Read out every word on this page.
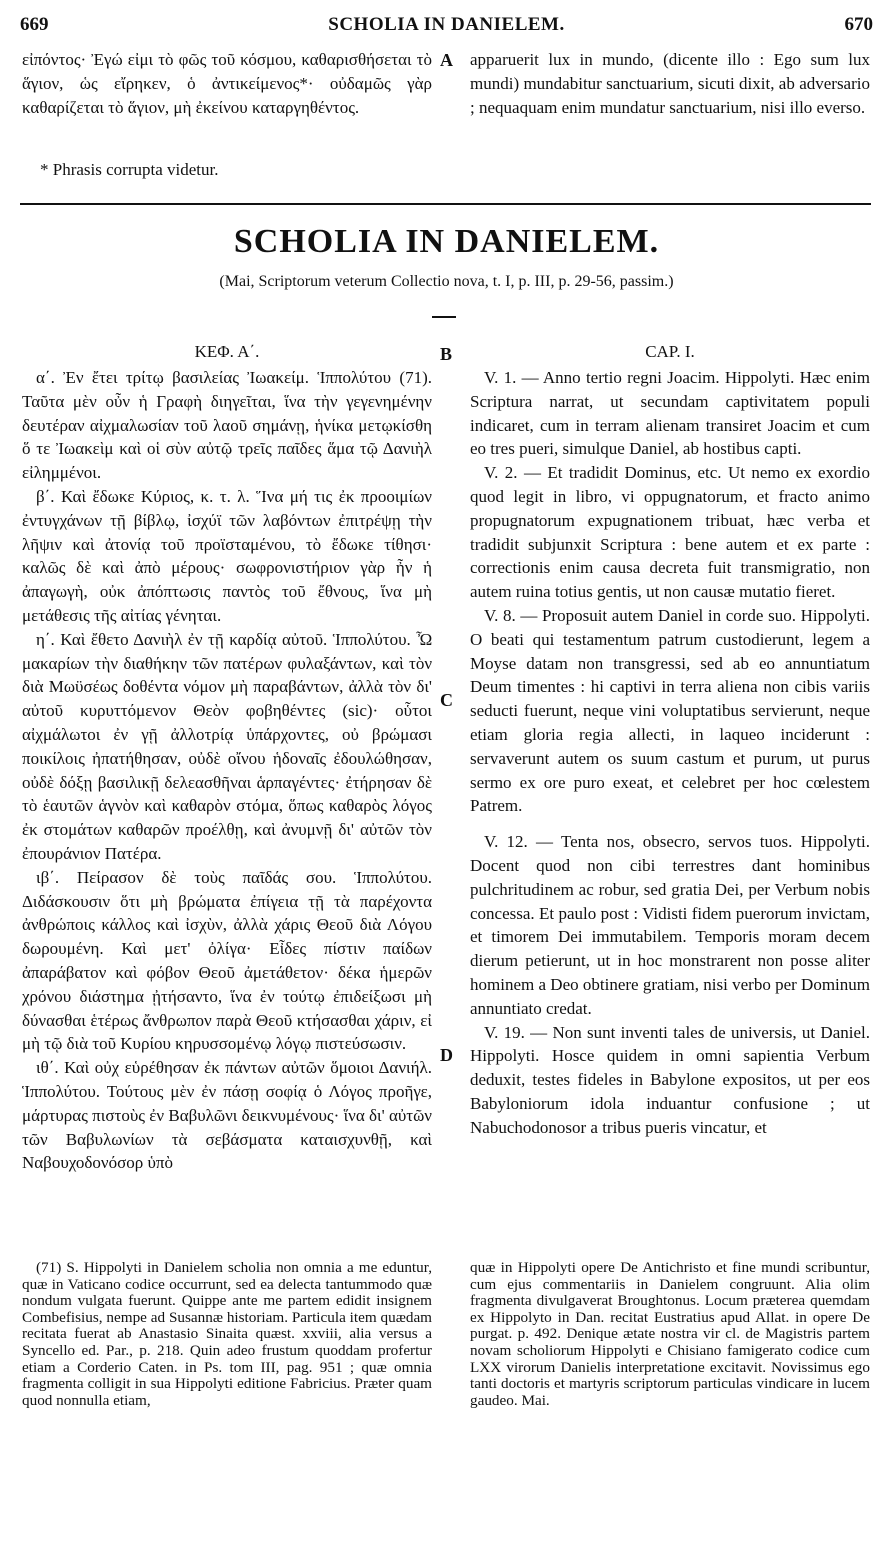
669	SCHOLIA IN DANIELEM.	670

εἰπόντος· Ἐγώ εἰμι τὸ φῶς τοῦ κόσμου, καθαρισθήσεται τὸ ἅγιον, ὡς εἴρηκεν, ὁ ἀντικείμενος*· οὐδαμῶς γὰρ καθαρίζεται τὸ ἅγιον, μὴ ἐκείνου καταργηθέντος.

apparuerit lux in mundo, (dicente illo : Ego sum lux mundi) mundabitur sanctuarium, sicuti dixit, ab adversario ; nequaquam enim mundatur sanctuarium, nisi illo everso.

A
* Phrasis corrupta videtur.
SCHOLIA IN DANIELEM.
(Mai, Scriptorum veterum Collectio nova, t. I, p. III, p. 29-56, passim.)
ΚΕΦ. Α΄.	CAP. I.
B
C
D

α΄. Ἐν ἔτει τρίτῳ βασιλείας Ἰωακείμ. Ἱππολύτου (71). Ταῦτα μὲν οὖν ἡ Γραφὴ διηγεῖται, ἵνα τὴν γεγενημένην δευτέραν αἰχμαλωσίαν τοῦ λαοῦ σημάνῃ, ἡνίκα μετῳκίσθη ὅ τε Ἰωακεὶμ καὶ οἱ σὺν αὐτῷ τρεῖς παῖδες ἅμα τῷ Δανιὴλ εἰλημμένοι.

β΄. Καὶ ἔδωκε Κύριος, κ. τ. λ. Ἵνα μή τις ἐκ προοιμίων ἐντυγχάνων τῇ βίβλῳ, ἰσχύϊ τῶν λαβόντων ἐπιτρέψῃ τὴν λῆψιν καὶ ἀτονίᾳ τοῦ προϊσταμένου, τὸ ἔδωκε τίθησι· καλῶς δὲ καὶ ἀπὸ μέρους· σωφρονιστήριον γὰρ ἦν ἡ ἀπαγωγὴ, οὐκ ἀπόπτωσις παντὸς τοῦ ἔθνους, ἵνα μὴ μετάθεσις τῆς αἰτίας γένηται.

η΄. Καὶ ἔθετο Δανιὴλ ἐν τῇ καρδίᾳ αὐτοῦ. Ἱππολύτου. Ὦ μακαρίων τὴν διαθήκην τῶν πατέρων φυλαξάντων, καὶ τὸν διὰ Μωϋσέως δοθέντα νόμον μὴ παραβάντων, ἀλλὰ τὸν δι' αὐτοῦ κυρυττόμενον Θεὸν φοβηθέντες (sic)· οὗτοι αἰχμάλωτοι ἐν γῇ ἀλλοτρίᾳ ὑπάρχοντες, οὐ βρώμασι ποικίλοις ἠπατήθησαν, οὐδὲ οἴνου ἡδοναῖς ἐδουλώθησαν, οὐδὲ δόξῃ βασιλικῇ δελεασθῆναι ἁρπαγέντες· ἐτήρησαν δὲ τὸ ἑαυτῶν ἁγνὸν καὶ καθαρὸν στόμα, ὅπως καθαρὸς λόγος ἐκ στομάτων καθαρῶν προέλθῃ, καὶ ἀνυμνῇ δι' αὐτῶν τὸν ἐπουράνιον Πατέρα.

ιβ΄. Πείρασον δὲ τοὺς παῖδάς σου. Ἱππολύτου. Διδάσκουσιν ὅτι μὴ βρώματα ἐπίγεια τῇ τὰ παρέχοντα ἀνθρώποις κάλλος καὶ ἰσχὺν, ἀλλὰ χάρις Θεοῦ διὰ Λόγου δωρουμένη. Καὶ μετ' ὀλίγα· Εἶδες πίστιν παίδων ἀπαράβατον καὶ φόβον Θεοῦ ἀμετάθετον· δέκα ἡμερῶν χρόνου διάστημα ᾐτήσαντο, ἵνα ἐν τούτῳ ἐπιδείξωσι μὴ δύνασθαι ἑτέρως ἄνθρωπον παρὰ Θεοῦ κτήσασθαι χάριν, εἰ μὴ τῷ διὰ τοῦ Κυρίου κηρυσσομένῳ λόγῳ πιστεύσωσιν.

ιθ΄. Καὶ οὐχ εὑρέθησαν ἐκ πάντων αὐτῶν ὅμοιοι Δανιήλ. Ἱππολύτου. Τούτους μὲν ἐν πάσῃ σοφίᾳ ὁ Λόγος προῆγε, μάρτυρας πιστοὺς ἐν Βαβυλῶνι δεικνυμένους· ἵνα δι' αὐτῶν τῶν Βαβυλωνίων τὰ σεβάσματα καταισχυνθῇ, καὶ Ναβουχοδονόσορ ὑπὸ

V. 1. — Anno tertio regni Joacim. Hippolyti. Hæc enim Scriptura narrat, ut secundam captivitatem populi indicaret, cum in terram alienam transiret Joacim et cum eo tres pueri, simulque Daniel, ab hostibus capti.

V. 2. — Et tradidit Dominus, etc. Ut nemo ex exordio quod legit in libro, vi oppugnatorum, et fracto animo propugnatorum expugnationem tribuat, hæc verba et tradidit subjunxit Scriptura : bene autem et ex parte : correctionis enim causa decreta fuit transmigratio, non autem ruina totius gentis, ut non causæ mutatio fieret.

V. 8. — Proposuit autem Daniel in corde suo. Hippolyti. O beati qui testamentum patrum custodierunt, legem a Moyse datam non transgressi, sed ab eo annuntiatum Deum timentes : hi captivi in terra aliena non cibis variis seducti fuerunt, neque vini voluptatibus servierunt, neque etiam gloria regia allecti, in laqueo inciderunt : servaverunt autem os suum castum et purum, ut purus sermo ex ore puro exeat, et celebret per hoc cœlestem Patrem.

V. 12. — Tenta nos, obsecro, servos tuos. Hippolyti. Docent quod non cibi terrestres dant hominibus pulchritudinem ac robur, sed gratia Dei, per Verbum nobis concessa. Et paulo post : Vidisti fidem puerorum invictam, et timorem Dei immutabilem. Temporis moram decem dierum petierunt, ut in hoc monstrarent non posse aliter hominem a Deo obtinere gratiam, nisi verbo per Dominum annuntiato credat.

V. 19. — Non sunt inventi tales de universis, ut Daniel. Hippolyti. Hosce quidem in omni sapientia Verbum deduxit, testes fideles in Babylone expositos, ut per eos Babyloniorum idola induantur confusione ; ut Nabuchodonosor a tribus pueris vincatur, et

(71) S. Hippolyti in Danielem scholia non omnia a me eduntur, quæ in Vaticano codice occurrunt, sed ea delecta tantummodo quæ nondum vulgata fuerunt. Quippe ante me partem edidit insignem Combefisius, nempe ad Susannæ historiam. Particula item quædam recitata fuerat ab Anastasio Sinaita quæst. xxviii, alia versus a Syncello ed. Par., p. 218. Quin adeo frustum quoddam profertur etiam a Corderio Caten. in Ps. tom III, pag. 951 ; quæ omnia fragmenta colligit in sua Hippolyti editione Fabricius. Præter quam quod nonnulla etiam,

quæ in Hippolyti opere De Antichristo et fine mundi scribuntur, cum ejus commentariis in Danielem congruunt. Alia olim fragmenta divulgaverat Broughtonus. Locum præterea quemdam ex Hippolyto in Dan. recitat Eustratius apud Allat. in opere De purgat. p. 492. Denique ætate nostra vir cl. de Magistris partem novam scholiorum Hippolyti e Chisiano famigerato codice cum LXX virorum Danielis interpretatione excitavit. Novissimus ego tanti doctoris et martyris scriptorum particulas vindicare in lucem gaudeo. Mai.
